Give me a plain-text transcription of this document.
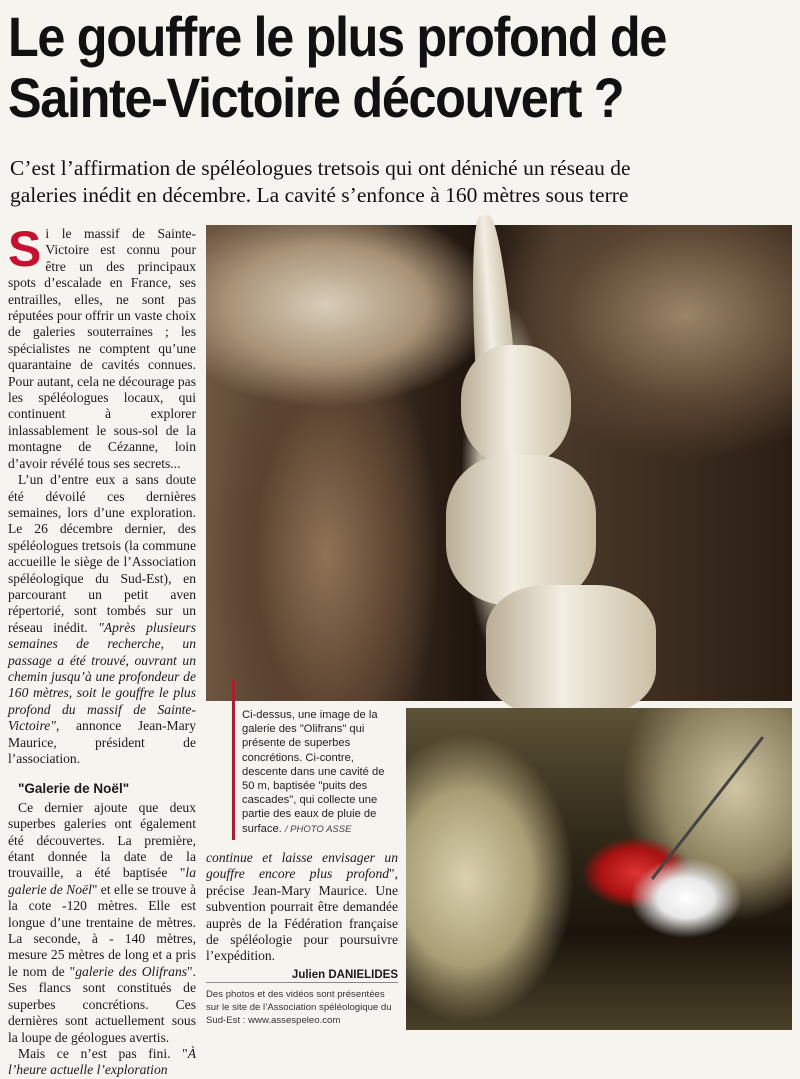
Le gouffre le plus profond de
Sainte-Victoire découvert ?
C’est l’affirmation de spéléologues tretsois qui ont déniché un réseau de
galeries inédit en décembre. La cavité s’enfonce à 160 mètres sous terre

Si le massif de Sainte-Victoire est connu pour être un des principaux spots d’escalade en France, ses entrailles, elles, ne sont pas réputées pour offrir un vaste choix de galeries souterraines ; les spécialistes ne comptent qu’une quarantaine de cavités connues. Pour autant, cela ne décourage pas les spéléologues locaux, qui continuent à explorer inlassablement le sous-sol de la montagne de Cézanne, loin d’avoir révélé tous ses secrets...

L’un d’entre eux a sans doute été dévoilé ces dernières semaines, lors d’une exploration. Le 26 décembre dernier, des spéléologues tretsois (la commune accueille le siège de l’Association spéléologique du Sud-Est), en parcourant un petit aven répertorié, sont tombés sur un réseau inédit. "Après plusieurs semaines de recherche, un passage a été trouvé, ouvrant un chemin jusqu’à une profondeur de 160 mètres, soit le gouffre le plus profond du massif de Sainte-Victoire", annonce Jean-Mary Maurice, président de l’association.

"Galerie de Noël"

Ce dernier ajoute que deux superbes galeries ont également été découvertes. La première, étant donnée la date de la trouvaille, a été baptisée "la galerie de Noël" et elle se trouve à la cote -120 mètres. Elle est longue d’une trentaine de mètres. La seconde, à - 140 mètres, mesure 25 mètres de long et a pris le nom de "galerie des Olifrans". Ses flancs sont constitués de superbes concrétions. Ces dernières sont actuellement sous la loupe de géologues avertis.

Mais ce n’est pas fini. "À l’heure actuelle l’exploration

Ci-dessus, une image de la galerie des "Olifrans" qui présente de superbes concrétions. Ci-contre, descente dans une cavité de 50 m, baptisée "puits des cascades", qui collecte une partie des eaux de pluie de surface. / PHOTO ASSE

continue et laisse envisager un gouffre encore plus profond", précise Jean-Mary Maurice. Une subvention pourrait être demandée auprès de la Fédération française de spéléologie pour poursuivre l’expédition.

Julien DANIELIDES
Des photos et des vidéos sont présentées sur le site de l’Association spéléologique du Sud-Est : www.assespeleo.com
